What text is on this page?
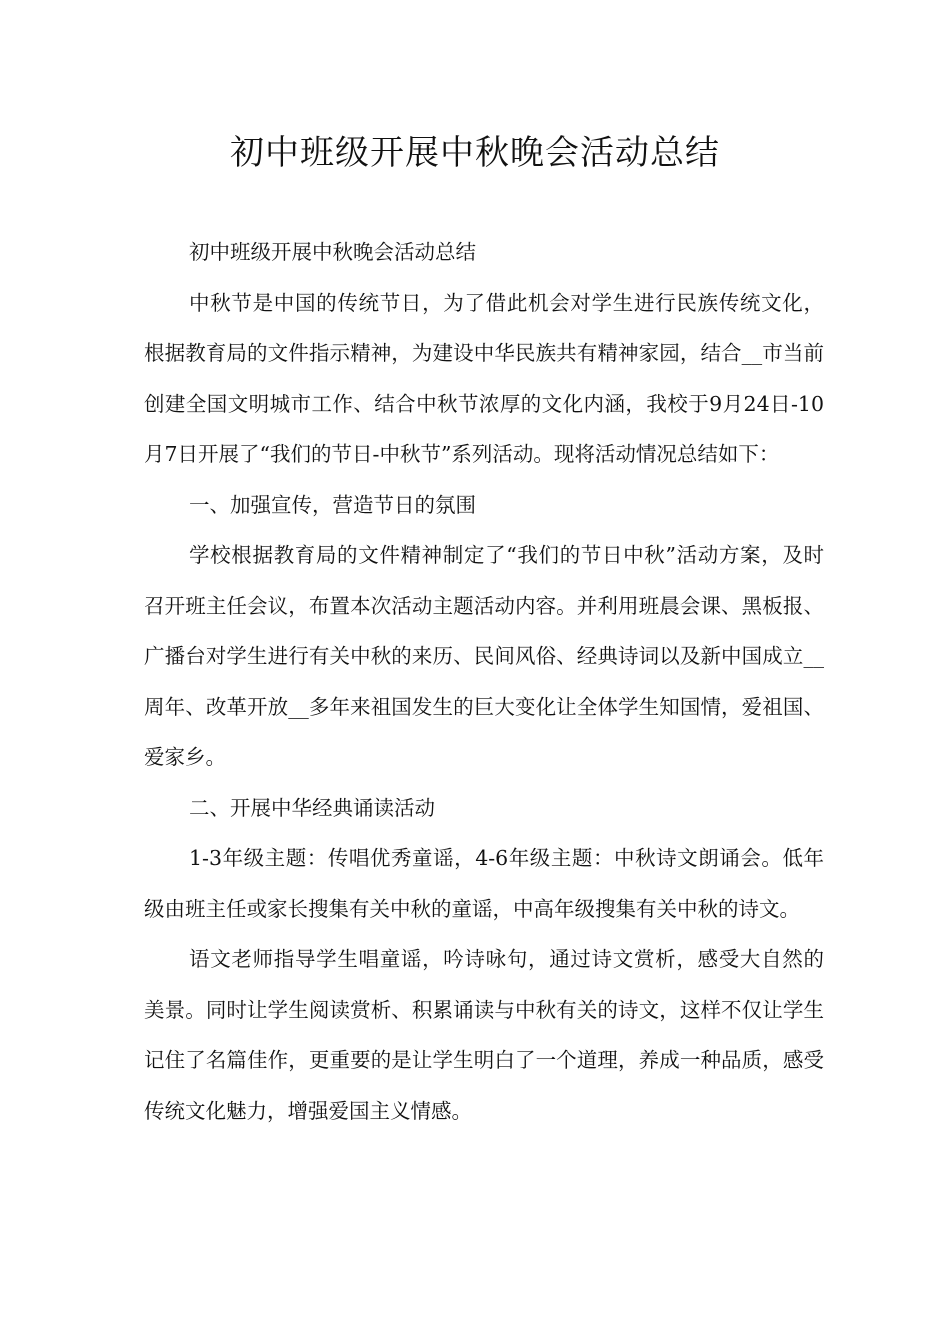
初中班级开展中秋晚会活动总结

初中班级开展中秋晚会活动总结

中秋节是中国的传统节日，为了借此机会对学生进行民族传统文化，根据教育局的文件指示精神，为建设中华民族共有精神家园，结合__市当前创建全国文明城市工作、结合中秋节浓厚的文化内涵，我校于9月24日-10月7日开展了“我们的节日-中秋节”系列活动。现将活动情况总结如下：

一、加强宣传，营造节日的氛围

学校根据教育局的文件精神制定了“我们的节日中秋”活动方案，及时召开班主任会议，布置本次活动主题活动内容。并利用班晨会课、黑板报、广播台对学生进行有关中秋的来历、民间风俗、经典诗词以及新中国成立__周年、改革开放__多年来祖国发生的巨大变化让全体学生知国情，爱祖国、爱家乡。

二、开展中华经典诵读活动

1-3年级主题：传唱优秀童谣，4-6年级主题：中秋诗文朗诵会。低年级由班主任或家长搜集有关中秋的童谣，中高年级搜集有关中秋的诗文。

语文老师指导学生唱童谣，吟诗咏句，通过诗文赏析，感受大自然的美景。同时让学生阅读赏析、积累诵读与中秋有关的诗文，这样不仅让学生记住了名篇佳作，更重要的是让学生明白了一个道理，养成一种品质，感受传统文化魅力，增强爱国主义情感。
